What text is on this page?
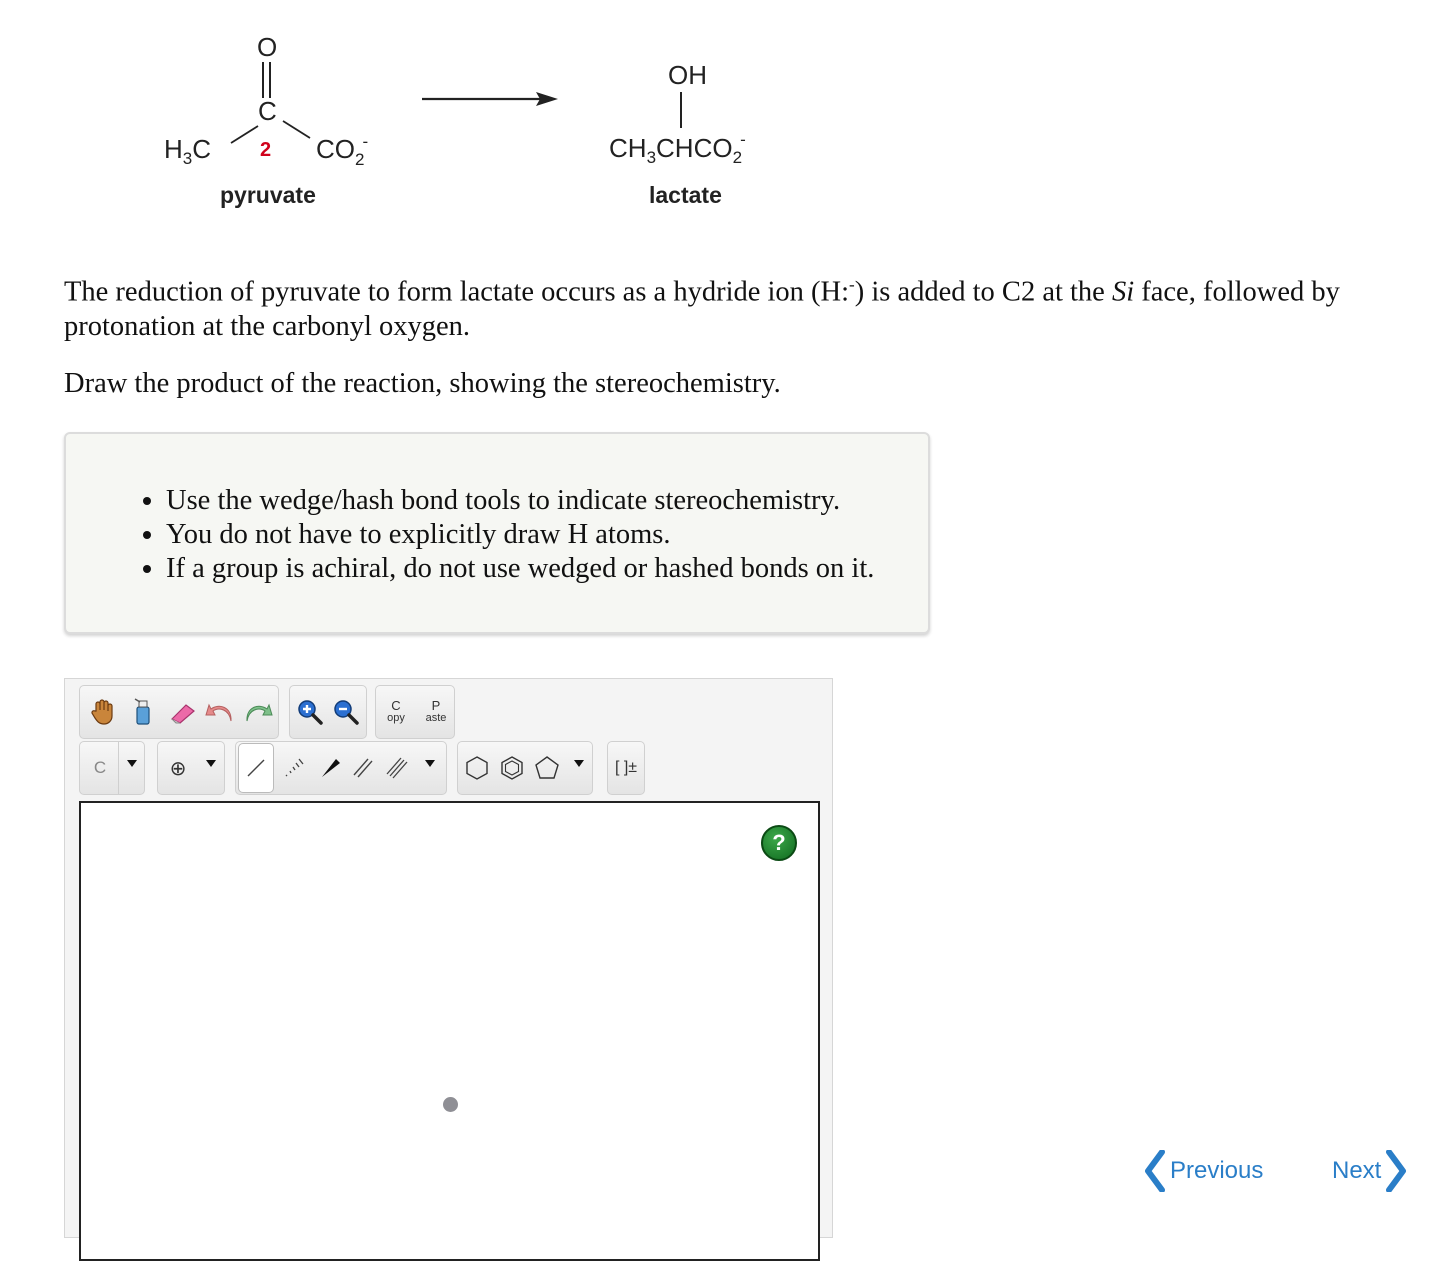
O
C
$H_3C$ 2 $CO_2-$
pyruvate
OH
$CH_3CHCO_2-$
lactate

The reduction of pyruvate to form lactate occurs as a hydride ion (H:-) is added to C2 at the Si face, followed by protonation at the carbonyl oxygen.

Draw the product of the reaction, showing the stereochemistry.

• Use the wedge/hash bond tools to indicate stereochemistry.
• You do not have to explicitly draw H atoms.
• If a group is achiral, do not use wedged or hashed bonds on it.
C
opy
P
aste
C	⊕	[ ]±
?
Previous	Next
